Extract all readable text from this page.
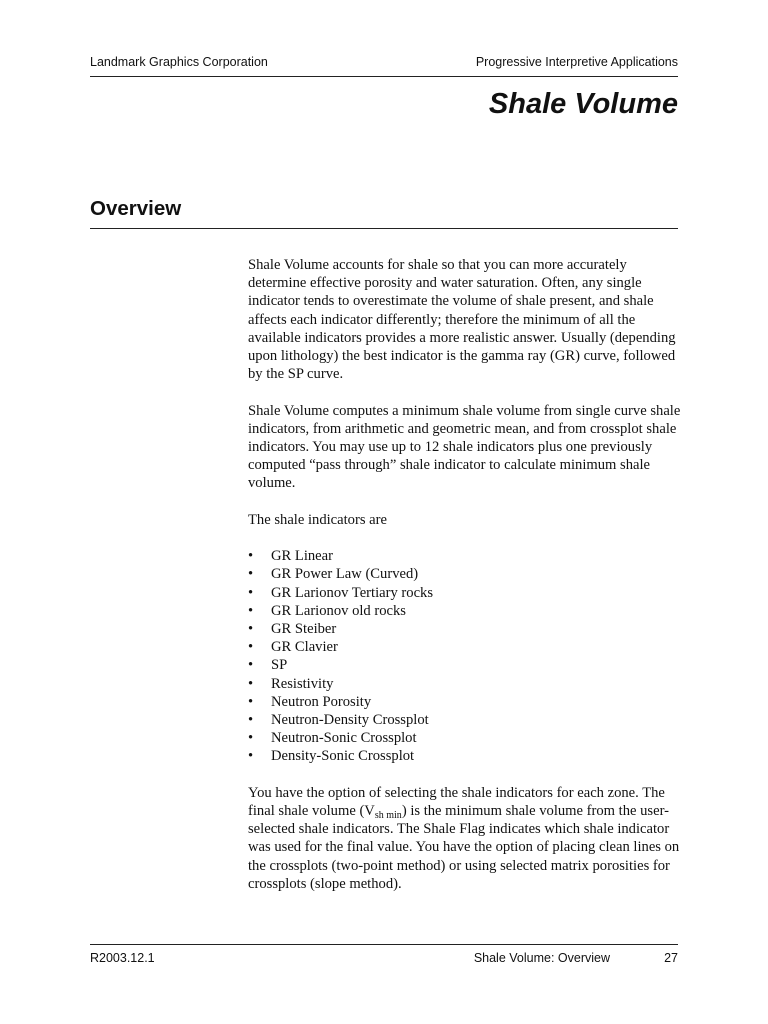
Landmark Graphics Corporation	Progressive Interpretive Applications
Shale Volume
Overview

Shale Volume accounts for shale so that you can more accurately determine effective porosity and water saturation. Often, any single indicator tends to overestimate the volume of shale present, and shale affects each indicator differently; therefore the minimum of all the available indicators provides a more realistic answer. Usually (depending upon lithology) the best indicator is the gamma ray (GR) curve, followed by the SP curve.

Shale Volume computes a minimum shale volume from single curve shale indicators, from arithmetic and geometric mean, and from crossplot shale indicators. You may use up to 12 shale indicators plus one previously computed “pass through” shale indicator to calculate minimum shale volume.

The shale indicators are

• GR Linear
• GR Power Law (Curved)
• GR Larionov Tertiary rocks
• GR Larionov old rocks
• GR Steiber
• GR Clavier
• SP
• Resistivity
• Neutron Porosity
• Neutron-Density Crossplot
• Neutron-Sonic Crossplot
• Density-Sonic Crossplot

You have the option of selecting the shale indicators for each zone. The final shale volume $(V_{sh min})$ is the minimum shale volume from the user-selected shale indicators. The Shale Flag indicates which shale indicator was used for the final value. You have the option of placing clean lines on the crossplots (two-point method) or using selected matrix porosities for crossplots (slope method).

R2003.12.1	Shale Volume: Overview	27
